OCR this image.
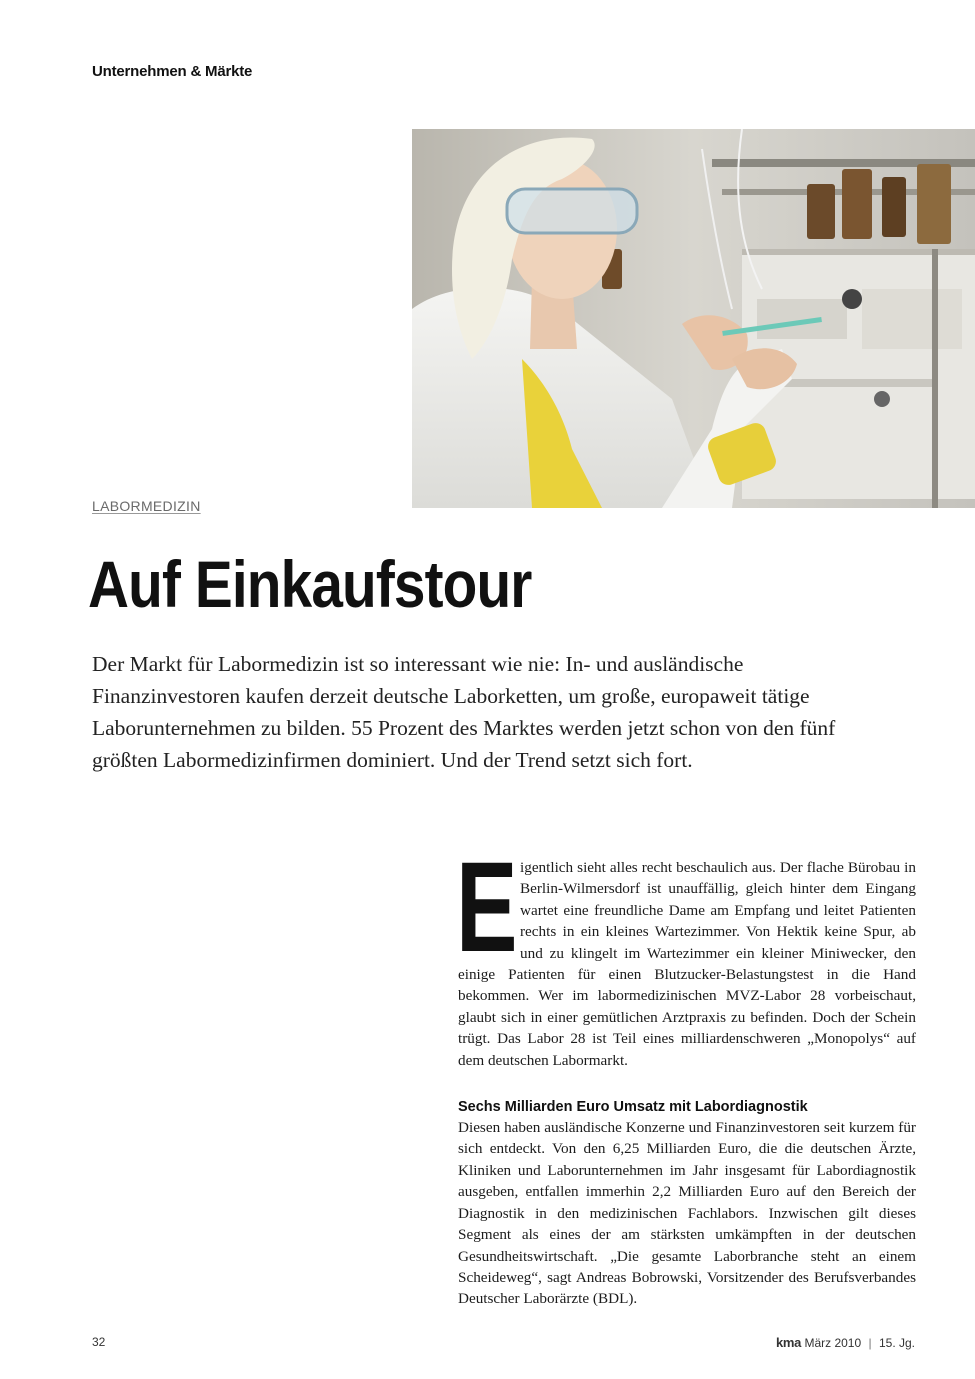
Unternehmen & Märkte
LABORMEDIZIN
Auf Einkaufstour

Der Markt für Labormedizin ist so interessant wie nie: In- und ausländische Finanzinvestoren kaufen derzeit deutsche Laborketten, um große, europaweit tätige Laborunternehmen zu bilden. 55 Prozent des Marktes werden jetzt schon von den fünf größten Labormedizinfirmen dominiert. Und der Trend setzt sich fort.

Eigentlich sieht alles recht beschaulich aus. Der flache Bürobau in Berlin-Wilmersdorf ist unauffällig, gleich hinter dem Eingang wartet eine freundliche Dame am Empfang und leitet Patienten rechts in ein kleines Wartezimmer. Von Hektik keine Spur, ab und zu klingelt im Wartezimmer ein kleiner Miniwecker, den einige Patienten für einen Blutzucker-Belastungstest in die Hand bekommen. Wer im labormedizinischen MVZ-Labor 28 vorbeischaut, glaubt sich in einer gemütlichen Arztpraxis zu befinden. Doch der Schein trügt. Das Labor 28 ist Teil eines milliardenschweren „Monopolys“ auf dem deutschen Labormarkt.

Sechs Milliarden Euro Umsatz mit Labordiagnostik

Diesen haben ausländische Konzerne und Finanzinvestoren seit kurzem für sich entdeckt. Von den 6,25 Milliarden Euro, die die deutschen Ärzte, Kliniken und Laborunternehmen im Jahr insgesamt für Labordiagnostik ausgeben, entfallen immerhin 2,2 Milliarden Euro auf den Bereich der Diagnostik in den medizinischen Fachlabors. Inzwischen gilt dieses Segment als eines der am stärksten umkämpften in der deutschen Gesundheitswirtschaft. „Die gesamte Laborbranche steht an einem Scheideweg“, sagt Andreas Bobrowski, Vorsitzender des Berufsverbandes Deutscher Laborärzte (BDL).

32	kma März 2010 | 15. Jg.
